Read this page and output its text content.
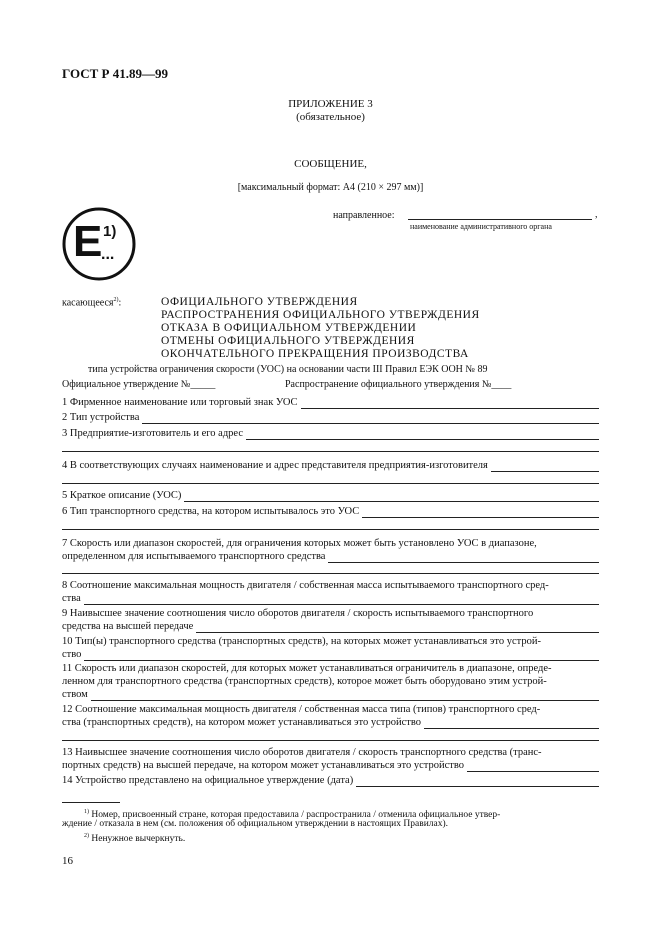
ГОСТ Р 41.89—99
ПРИЛОЖЕНИЕ 3
(обязательное)
СООБЩЕНИЕ,
[максимальный формат: А4 (210 × 297 мм)]
направленное:	,
наименование административного органа
E 1)
...
касающееся$^{2)}$:	ОФИЦИАЛЬНОГО УТВЕРЖДЕНИЯ
РАСПРОСТРАНЕНИЯ ОФИЦИАЛЬНОГО УТВЕРЖДЕНИЯ
ОТКАЗА В ОФИЦИАЛЬНОМ УТВЕРЖДЕНИИ
ОТМЕНЫ ОФИЦИАЛЬНОГО УТВЕРЖДЕНИЯ
ОКОНЧАТЕЛЬНОГО ПРЕКРАЩЕНИЯ ПРОИЗВОДСТВА
типа устройства ограничения скорости (УОС) на основании части III Правил ЕЭК ООН № 89
Официальное утверждение №_____	Распространение официального утверждения №____
1 Фирменное наименование или торговый знак УОС
2 Тип устройства
3 Предприятие-изготовитель и его адрес
4 В соответствующих случаях наименование и адрес представителя предприятия-изготовителя
5 Краткое описание (УОС)
6 Тип транспортного средства, на котором испытывалось это УОС
7 Скорость или диапазон скоростей, для ограничения которых может быть установлено УОС в диапазоне,
определенном для испытываемого транспортного средства
8 Соотношение максимальная мощность двигателя / собственная масса испытываемого транспортного сред-
ства
9 Наивысшее значение соотношения число оборотов двигателя / скорость испытываемого транспортного
средства на высшей передаче
10 Тип(ы) транспортного средства (транспортных средств), на которых может устанавливаться это устрой-
ство
11 Скорость или диапазон скоростей, для которых может устанавливаться ограничитель в диапазоне, опреде-
ленном для транспортного средства (транспортных средств), которое может быть оборудовано этим устрой-
ством
12 Соотношение максимальная мощность двигателя / собственная масса типа (типов) транспортного сред-
ства (транспортных средств), на котором может устанавливаться это устройство
13 Наивысшее значение соотношения число оборотов двигателя / скорость транспортного средства (транс-
портных средств) на высшей передаче, на котором может устанавливаться это устройство
14 Устройство представлено на официальное утверждение (дата)
$^{1)}$ Номер, присвоенный стране, которая предоставила / распространила / отменила официальное утвер-
ждение / отказала в нем (см. положения об официальном утверждении в настоящих Правилах).
$^{2)}$ Ненужное вычеркнуть.
16
